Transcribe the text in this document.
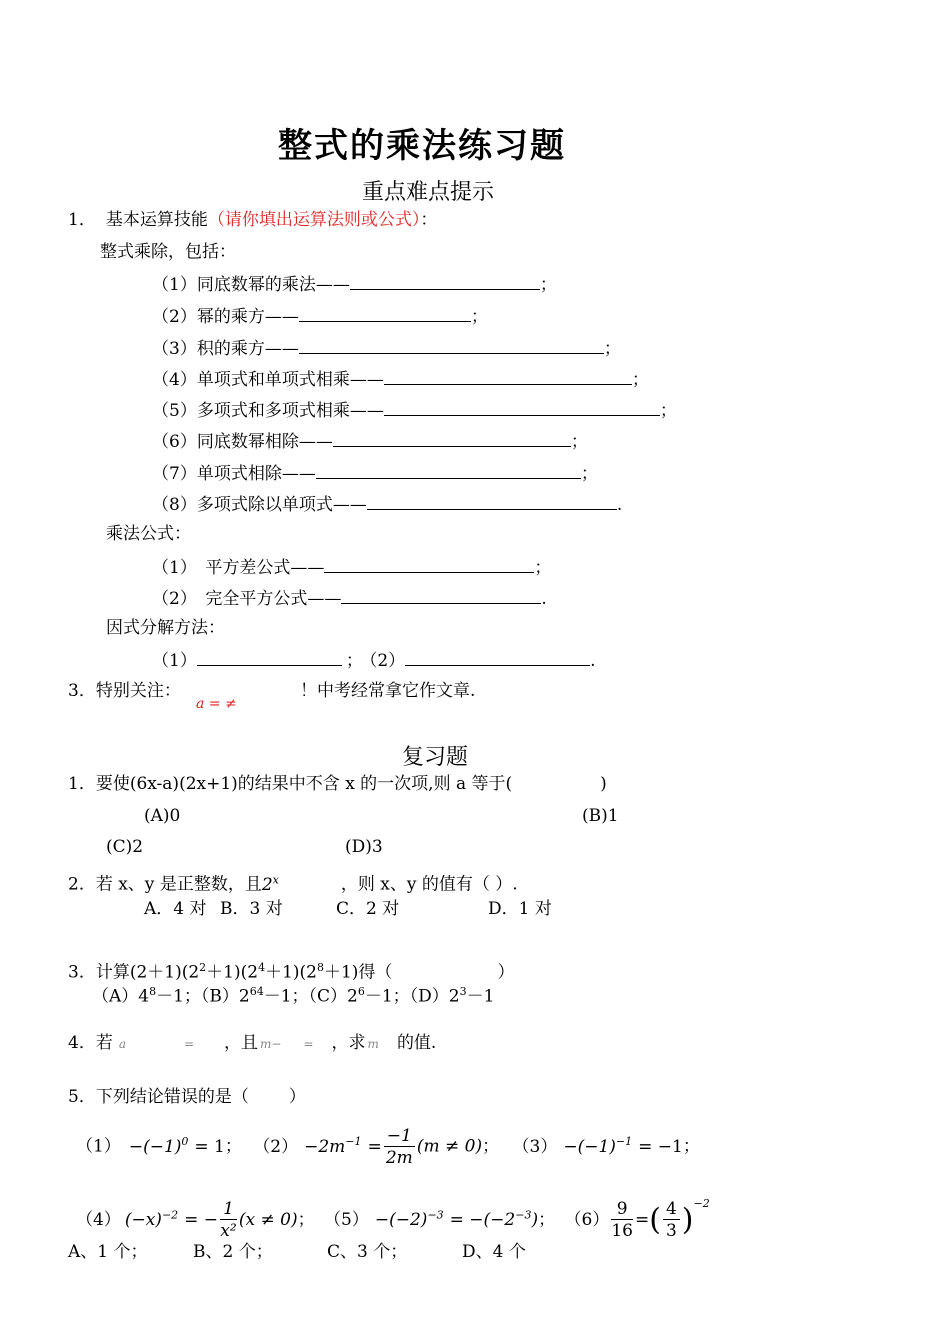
整式的乘法练习题
重点难点提示
1． 基本运算技能（请你填出运算法则或公式）：
整式乘除，包括：
（1）同底数幂的乘法——	；
（2）幂的乘方——	；
（3）积的乘方——	；
（4）单项式和单项式相乘——	；
（5）多项式和多项式相乘——	；
（6）同底数幂相除——	；
（7）单项式相除——	；
（8）多项式除以单项式——	.
乘法公式：
（1）　平方差公式——	；
（2）　完全平方公式——	.
因式分解方法：
（1）	； （2）	.
3．特别关注：
a = ≠
！中考经常拿它作文章.
复习题
1．要使(6x-a)(2x+1)的结果中不含 x 的一次项,则 a 等于(	)
(A)0	(B)1
(C)2	(D)3
2．若 x、y 是正整数，且2$^x$	，则 x、y 的值有（ ）.
A．4 对 B．3 对	C．2 对	D．1 对
3．计算$(2+1)(2^2+1)(2^4+1)(2^8+1)$得（	）
$(A)4^8-1$；$(B)2^{64}-1$；$(C)2^6-1$；$(D)2^3-1$
4．若 a	= ，且 m− = ，求 m 的值.
5．下列结论错误的是（ ）
$(1) -(-1)^0 = 1$； $(2) -2m^{-1} = \frac{-1}{2m} (m \ne 0)$； $(3) -(-1)^{-1} = -1$；
（4） $(-x)^{-2}$ = − $\frac{1}{\text{x²}} (x \ne 0)$； $(5) -(-2)^{-3} = -(-2^{-3})$； $(6) \frac{9}{16}$ =( $\frac{4}{3} )^{-2}$
A、1 个；	B、2 个；	C、3 个；	D、4 个
